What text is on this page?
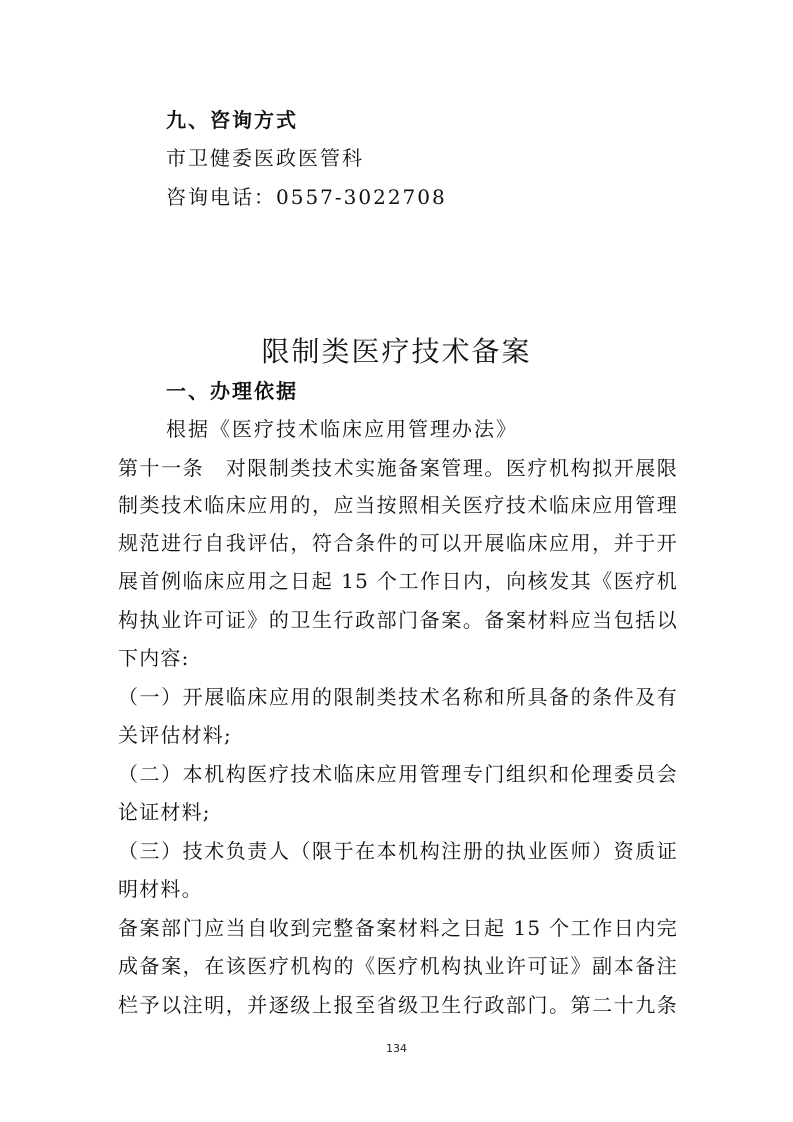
九、咨询方式
市卫健委医政医管科
咨询电话：0557-3022708
限制类医疗技术备案
一、办理依据
根据《医疗技术临床应用管理办法》
第十一条　对限制类技术实施备案管理。医疗机构拟开展限
制类技术临床应用的，应当按照相关医疗技术临床应用管理
规范进行自我评估，符合条件的可以开展临床应用，并于开
展首例临床应用之日起 15 个工作日内，向核发其《医疗机
构执业许可证》的卫生行政部门备案。备案材料应当包括以
下内容:
（一）开展临床应用的限制类技术名称和所具备的条件及有
关评估材料;
（二）本机构医疗技术临床应用管理专门组织和伦理委员会
论证材料;
（三）技术负责人（限于在本机构注册的执业医师）资质证
明材料。
备案部门应当自收到完整备案材料之日起 15 个工作日内完
成备案，在该医疗机构的《医疗机构执业许可证》副本备注
栏予以注明，并逐级上报至省级卫生行政部门。第二十九条
134
